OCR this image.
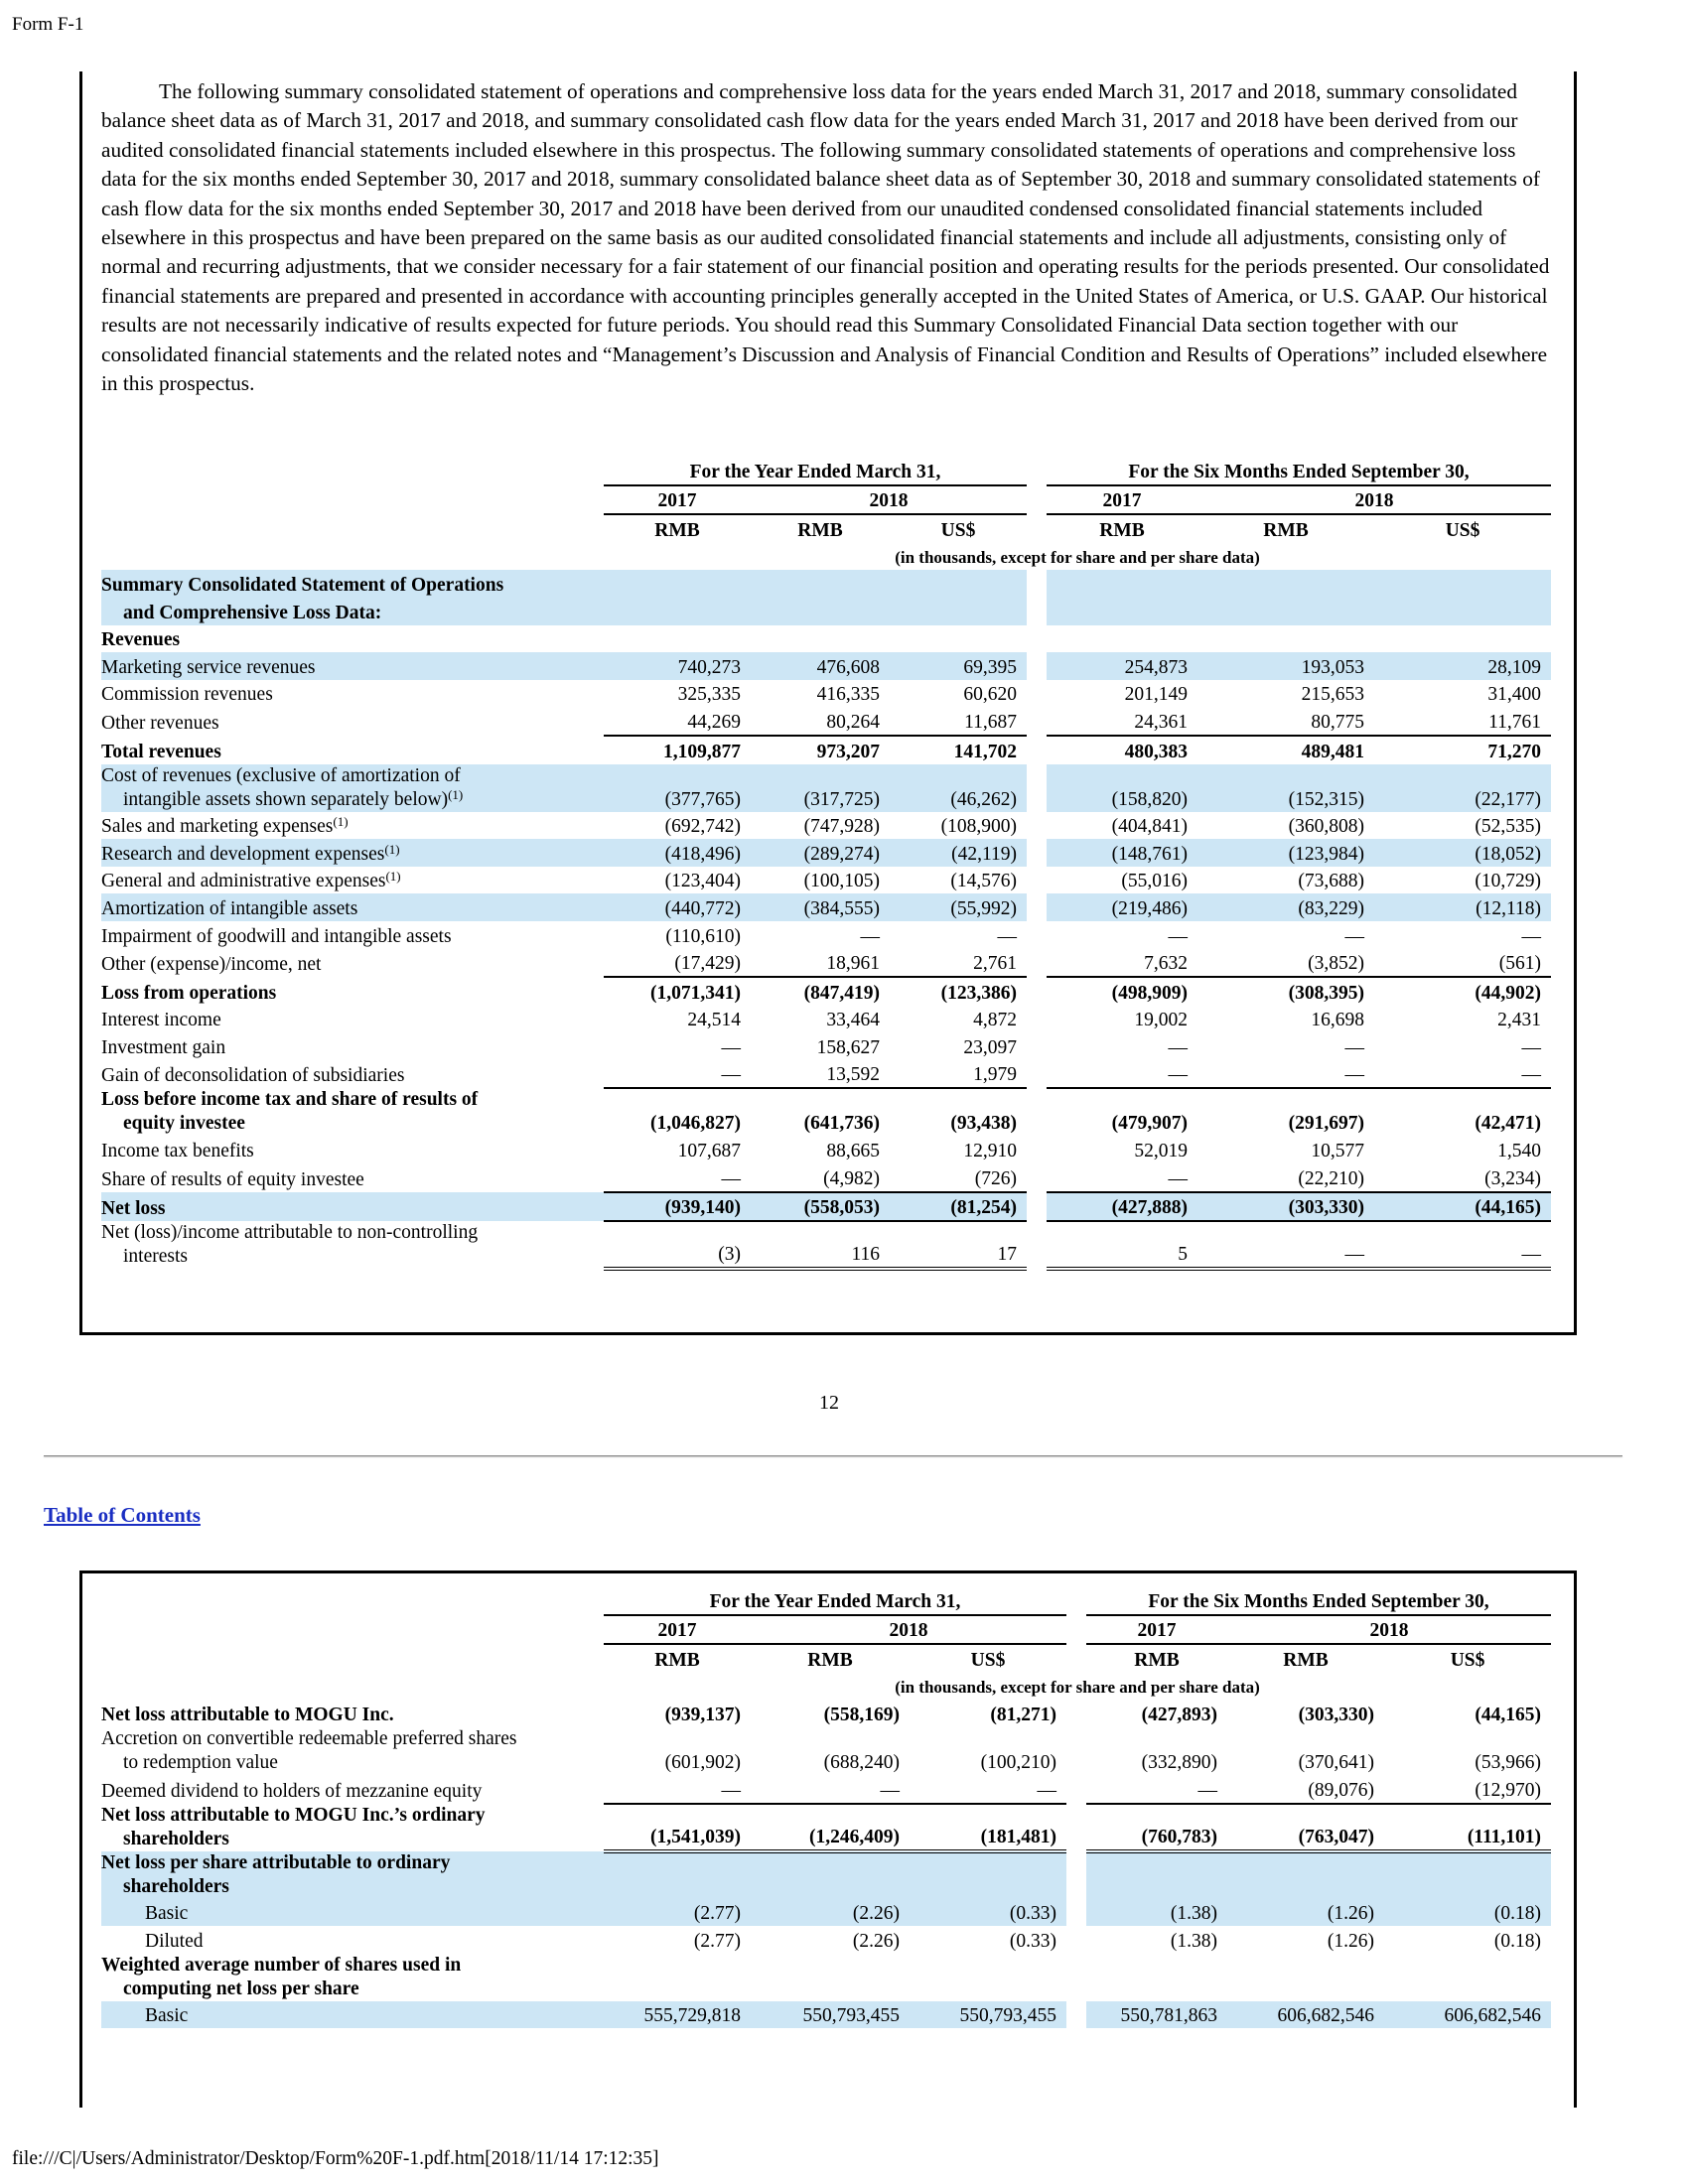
Form F-1
The following summary consolidated statement of operations and comprehensive loss data for the years ended March 31, 2017 and 2018, summary consolidated balance sheet data as of March 31, 2017 and 2018, and summary consolidated cash flow data for the years ended March 31, 2017 and 2018 have been derived from our audited consolidated financial statements included elsewhere in this prospectus. The following summary consolidated statements of operations and comprehensive loss data for the six months ended September 30, 2017 and 2018, summary consolidated balance sheet data as of September 30, 2018 and summary consolidated statements of cash flow data for the six months ended September 30, 2017 and 2018 have been derived from our unaudited condensed consolidated financial statements included elsewhere in this prospectus and have been prepared on the same basis as our audited consolidated financial statements and include all adjustments, consisting only of normal and recurring adjustments, that we consider necessary for a fair statement of our financial position and operating results for the periods presented. Our consolidated financial statements are prepared and presented in accordance with accounting principles generally accepted in the United States of America, or U.S. GAAP. Our historical results are not necessarily indicative of results expected for future periods. You should read this Summary Consolidated Financial Data section together with our consolidated financial statements and the related notes and “Management’s Discussion and Analysis of Financial Condition and Results of Operations” included elsewhere in this prospectus.
	For the Year Ended March 31,				For the Six Months Ended September 30,		
	2017	2018			2017	2018	
	RMB	RMB	US$		RMB	RMB	US$
	(in thousands, except for share and per share data)						
Summary Consolidated Statement of Operations							
and Comprehensive Loss Data:							
Revenues							
Marketing service revenues	740,273	476,608	69,395		254,873	193,053	28,109
Commission revenues	325,335	416,335	60,620		201,149	215,653	31,400
Other revenues	44,269	80,264	11,687		24,361	80,775	11,761
Total revenues	1,109,877	973,207	141,702		480,383	489,481	71,270
Cost of revenues (exclusive of amortization of
intangible assets shown separately below)$^{(1)}$	(377,765)	(317,725)	(46,262)		(158,820)	(152,315)	(22,177)
Sales and marketing expenses$^{(1)}$	(692,742)	(747,928)	(108,900)		(404,841)	(360,808)	(52,535)
Research and development expenses$^{(1)}$	(418,496)	(289,274)	(42,119)		(148,761)	(123,984)	(18,052)
General and administrative expenses$^{(1)}$	(123,404)	(100,105)	(14,576)		(55,016)	(73,688)	(10,729)
Amortization of intangible assets	(440,772)	(384,555)	(55,992)		(219,486)	(83,229)	(12,118)
Impairment of goodwill and intangible assets	(110,610)	—	—		—	—	—
Other (expense)/income, net	(17,429)	18,961	2,761		7,632	(3,852)	(561)
Loss from operations	(1,071,341)	(847,419)	(123,386)		(498,909)	(308,395)	(44,902)
Interest income	24,514	33,464	4,872		19,002	16,698	2,431
Investment gain	—	158,627	23,097		—	—	—
Gain of deconsolidation of subsidiaries	—	13,592	1,979		—	—	—
Loss before income tax and share of results of
equity investee	(1,046,827)	(641,736)	(93,438)		(479,907)	(291,697)	(42,471)
Income tax benefits	107,687	88,665	12,910		52,019	10,577	1,540
Share of results of equity investee	—	(4,982)	(726)		—	(22,210)	(3,234)
Net loss	(939,140)	(558,053)	(81,254)		(427,888)	(303,330)	(44,165)
Net (loss)/income attributable to non-controlling
interests	(3)	116	17		5	—	—
12
Table of Contents
	For the Year Ended March 31,				For the Six Months Ended September 30,		
	2017	2018			2017	2018	
	RMB	RMB	US$		RMB	RMB	US$
	(in thousands, except for share and per share data)						
Net loss attributable to MOGU Inc.	(939,137)	(558,169)	(81,271)		(427,893)	(303,330)	(44,165)
Accretion on convertible redeemable preferred shares
to redemption value	(601,902)	(688,240)	(100,210)		(332,890)	(370,641)	(53,966)
Deemed dividend to holders of mezzanine equity	—	—	—		—	(89,076)	(12,970)
Net loss attributable to MOGU Inc.’s ordinary
shareholders	(1,541,039)	(1,246,409)	(181,481)		(760,783)	(763,047)	(111,101)
Net loss per share attributable to ordinary
shareholders							
Basic	(2.77)	(2.26)	(0.33)		(1.38)	(1.26)	(0.18)
Diluted	(2.77)	(2.26)	(0.33)		(1.38)	(1.26)	(0.18)
Weighted average number of shares used in
computing net loss per share							
Basic	555,729,818	550,793,455	550,793,455		550,781,863	606,682,546	606,682,546
file:///C|/Users/Administrator/Desktop/Form%20F-1.pdf.htm[2018/11/14 17:12:35]
